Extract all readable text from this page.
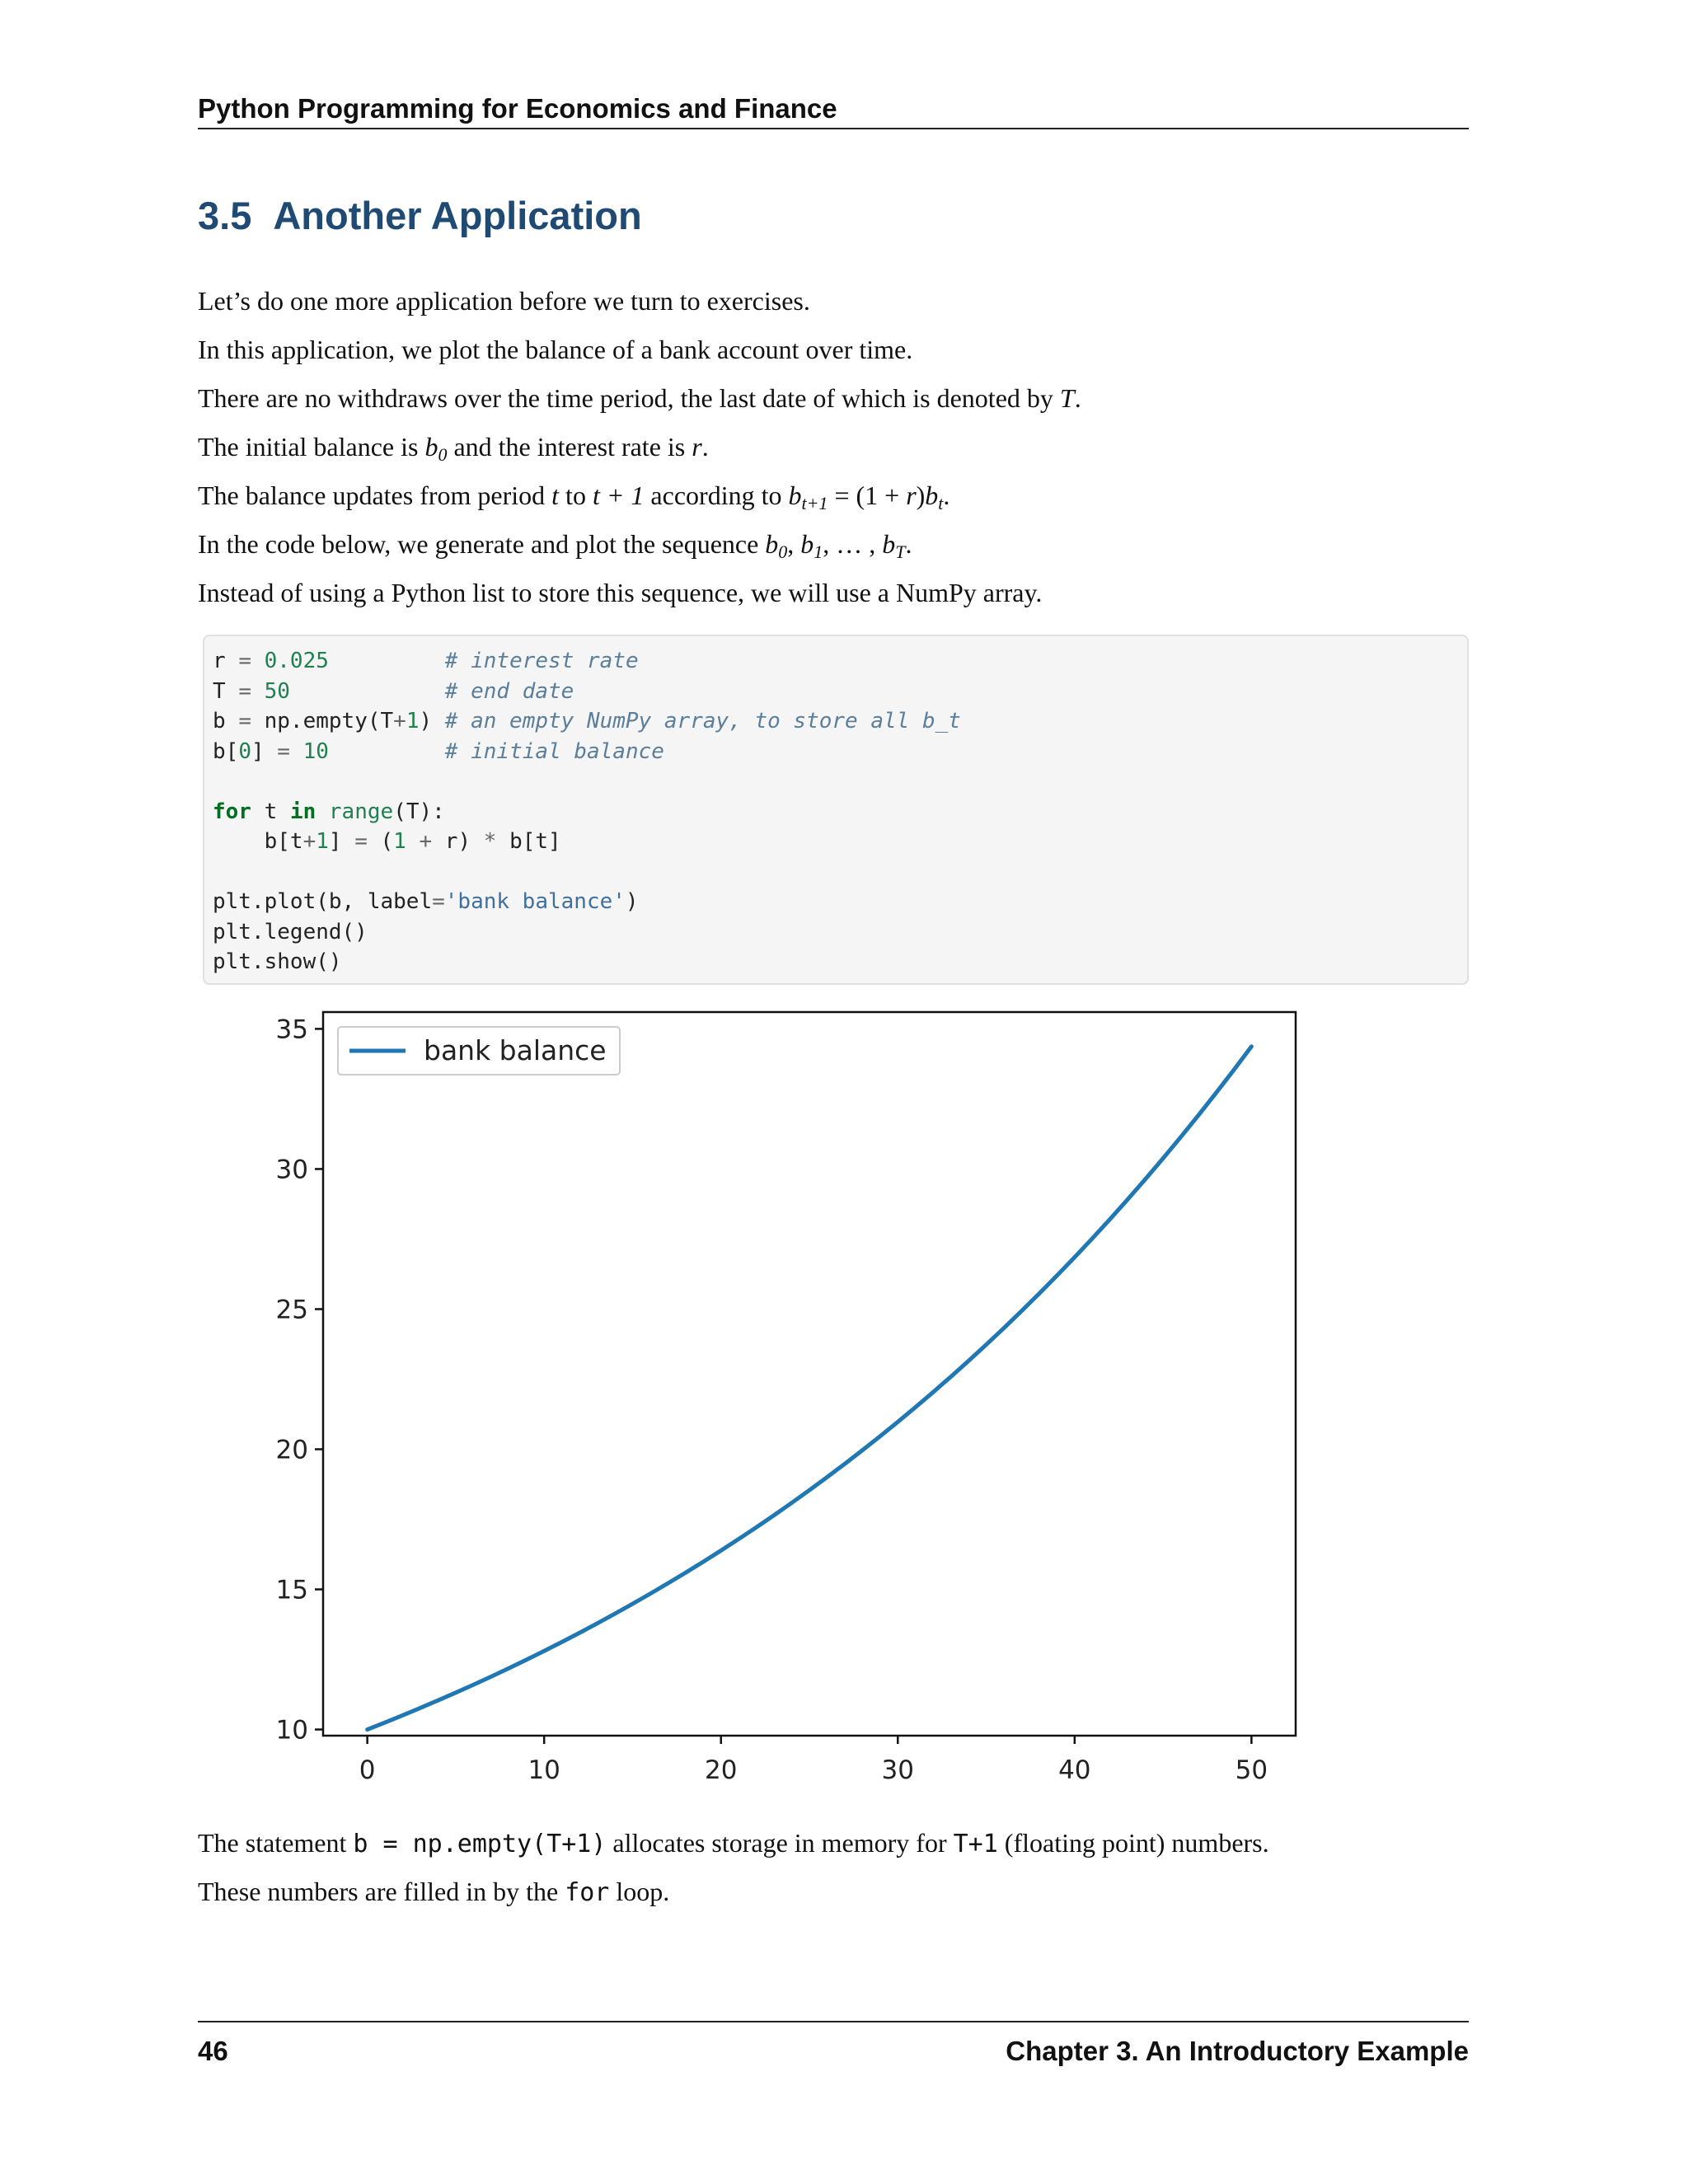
Python Programming for Economics and Finance
3.5 Another Application

Let’s do one more application before we turn to exercises.

In this application, we plot the balance of a bank account over time.

There are no withdraws over the time period, the last date of which is denoted by T.

The initial balance is $b_0$ and the interest rate is r.

The balance updates from period t to t + 1 according to $b_{t+1} = (1 + r)b_t$.

In the code below, we generate and plot the sequence $b_0$, $b_1$, … , $b_T$.

Instead of using a Python list to store this sequence, we will use a NumPy array.

r = 0.025	# interest rate
T = 50	# end date
b = np.empty(T+1) # an empty NumPy array, to store all b_t
b[0] = 10	# initial balance

for t in range(T):
b[t+1] = (1 + r) * b[t]

plt.plot(b, label='bank balance')
plt.legend()
plt.show()
0	10	20	30	40	50
10
15
20
25
30
35
bank balance

The statement b = np.empty(T+1) allocates storage in memory for T+1 (floating point) numbers.

These numbers are filled in by the for loop.

46	Chapter 3. An Introductory Example
